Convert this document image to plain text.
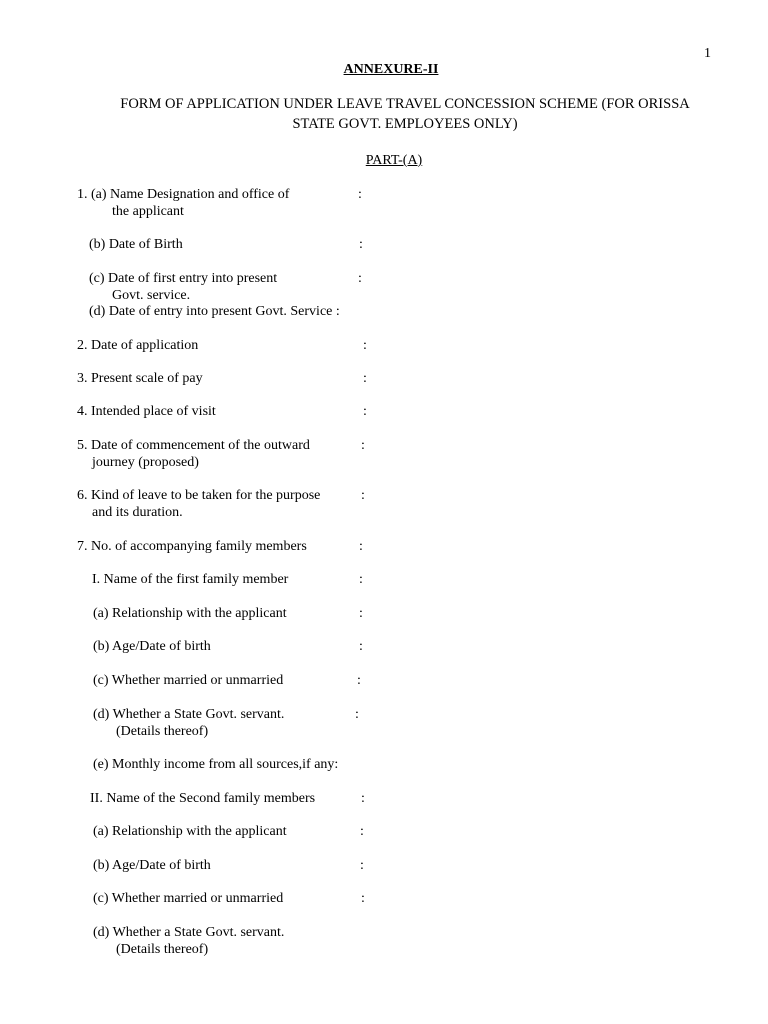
1
ANNEXURE-II
FORM OF APPLICATION UNDER LEAVE TRAVEL CONCESSION SCHEME (FOR ORISSA
STATE GOVT. EMPLOYEES ONLY)
PART-(A)
1. (a) Name Designation and office of
the applicant
:
(b) Date of Birth	:
(c) Date of first entry into present
Govt. service.
:
(d) Date of entry into present Govt. Service :
2. Date of application	:
3. Present scale of pay	:
4. Intended place of visit	:
5. Date of commencement of the outward
journey (proposed)
:
6. Kind of leave to be taken for the purpose
and its duration.
:
7. No. of accompanying family members	:
I. Name of the first family member	:
(a) Relationship with the applicant	:
(b) Age/Date of birth	:
(c) Whether married or unmarried	:
(d) Whether a State Govt. servant.
(Details thereof)
:
(e) Monthly income from all sources,if any:
II. Name of the Second family members	:
(a) Relationship with the applicant	:
(b) Age/Date of birth	:
(c) Whether married or unmarried	:
(d) Whether a State Govt. servant.
(Details thereof)
